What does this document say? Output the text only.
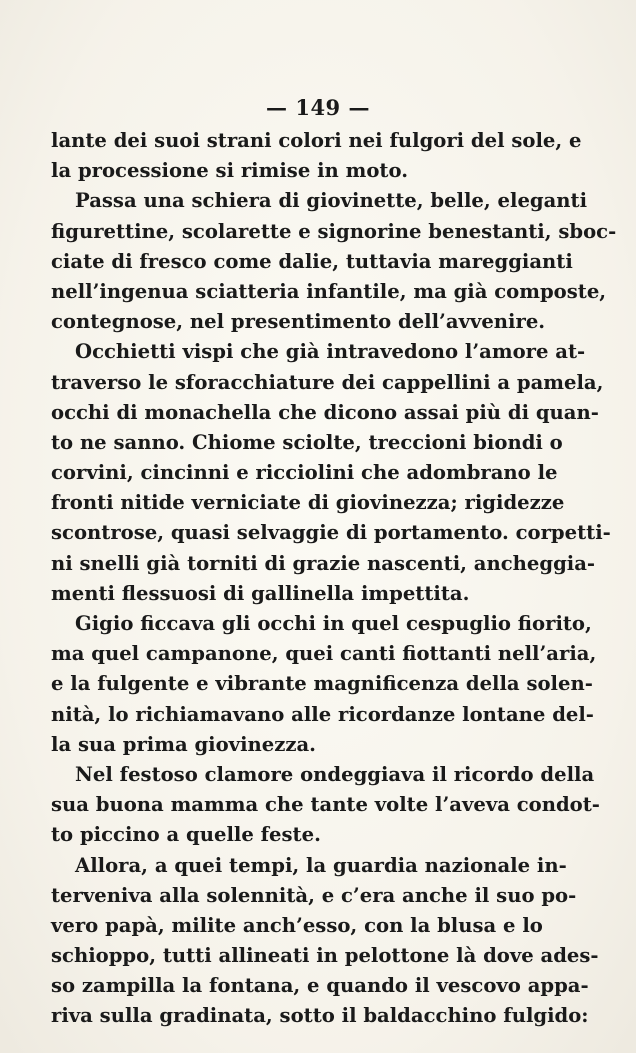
— 149 —
lante dei suoi strani colori nei fulgori del sole, e
la processione si rimise in moto.
Passa una schiera di giovinette, belle, eleganti
figurettine, scolarette e signorine benestanti, sboc-
ciate di fresco come dalie, tuttavia mareggianti
nell’ingenua sciatteria infantile, ma già composte,
contegnose, nel presentimento dell’avvenire.
Occhietti vispi che già intravedono l’amore at-
traverso le sforacchiature dei cappellini a pamela,
occhi di monachella che dicono assai più di quan-
to ne sanno. Chiome sciolte, treccioni biondi o
corvini, cincinni e ricciolini che adombrano le
fronti nitide verniciate di giovinezza; rigidezze
scontrose, quasi selvaggie di portamento. corpetti-
ni snelli già torniti di grazie nascenti, ancheggia-
menti flessuosi di gallinella impettita.
Gigio ficcava gli occhi in quel cespuglio fiorito,
ma quel campanone, quei canti fiottanti nell’aria,
e la fulgente e vibrante magnificenza della solen-
nità, lo richiamavano alle ricordanze lontane del-
la sua prima giovinezza.
Nel festoso clamore ondeggiava il ricordo della
sua buona mamma che tante volte l’aveva condot-
to piccino a quelle feste.
Allora, a quei tempi, la guardia nazionale in-
terveniva alla solennità, e c’era anche il suo po-
vero papà, milite anch’esso, con la blusa e lo
schioppo, tutti allineati in pelottone là dove ades-
so zampilla la fontana, e quando il vescovo appa-
riva sulla gradinata, sotto il baldacchino fulgido:
